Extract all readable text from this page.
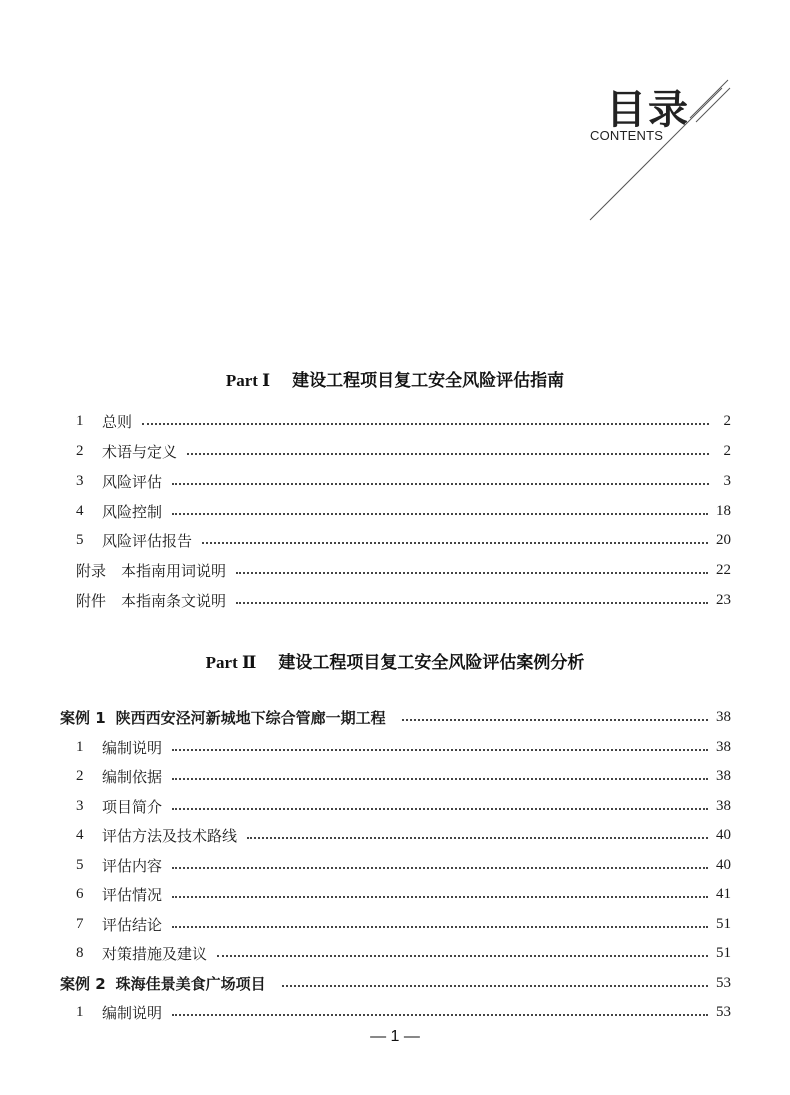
目录
CONTENTS
Part Ⅰ 建设工程项目复工安全风险评估指南
1	总则	2
2	术语与定义	2
3	风险评估	3
4	风险控制	18
5	风险评估报告	20
附录　本指南用词说明	22
附件　本指南条文说明	23
Part Ⅱ 建设工程项目复工安全风险评估案例分析
案例 1 陕西西安泾河新城地下综合管廊一期工程	38
1	编制说明	38
2	编制依据	38
3	项目简介	38
4	评估方法及技术路线	40
5	评估内容	40
6	评估情况	41
7	评估结论	51
8	对策措施及建议	51
案例 2 珠海佳景美食广场项目	53
1	编制说明	53
— 1 —
